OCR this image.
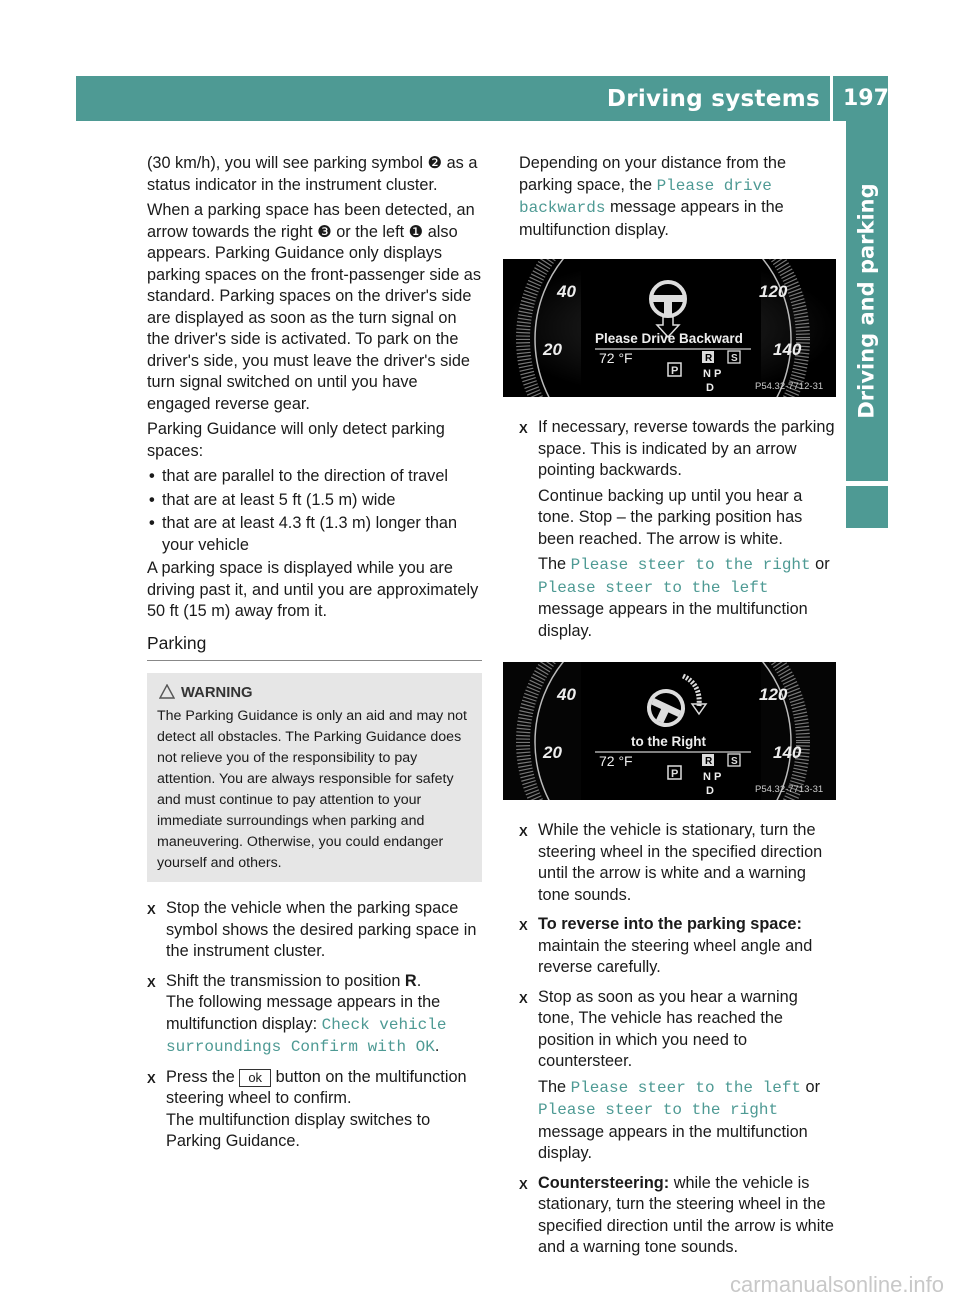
Driving systems 197
Driving and parking

(30 km/h), you will see parking symbol ❷ as a status indicator in the instrument cluster.

When a parking space has been detected, an arrow towards the right ❸ or the left ❶ also appears. Parking Guidance only displays parking spaces on the front-passenger side as standard. Parking spaces on the driver's side are displayed as soon as the turn signal on the driver's side is activated. To park on the driver's side, you must leave the driver's side turn signal switched on until you have engaged reverse gear.

Parking Guidance will only detect parking spaces:

• that are parallel to the direction of travel
• that are at least 5 ft (1.5 m) wide
• that are at least 4.3 ft (1.3 m) longer than your vehicle

A parking space is displayed while you are driving past it, and until you are approximately 50 ft (15 m) away from it.

Parking
WARNING
The Parking Guidance is only an aid and may not detect all obstacles. The Parking Guidance does not relieve you of the responsibility to pay attention. You are always responsible for safety and must continue to pay attention to your immediate surroundings when parking and maneuvering. Otherwise, you could endanger yourself and others.
X Stop the vehicle when the parking space symbol shows the desired parking space in the instrument cluster.

X Shift the transmission to position R.
The following message appears in the multifunction display: Check vehicle surroundings Confirm with OK.
X Press the ok button on the multifunction steering wheel to confirm.
The multifunction display switches to Parking Guidance.

Depending on your distance from the parking space, the Please drive backwards message appears in the multifunction display.

40
20
120
140
Please Drive Backward
72 °F
P
R S
N P
D	P54.32-7712-31
X If necessary, reverse towards the parking space. This is indicated by an arrow pointing backwards.

Continue backing up until you hear a tone. Stop – the parking position has been reached. The arrow is white.

The Please steer to the right or Please steer to the left message appears in the multifunction display.

40
20
120
140
to the Right
72 °F
P
R S
N P
D	P54.32-7713-31
X While the vehicle is stationary, turn the steering wheel in the specified direction until the arrow is white and a warning tone sounds.

X To reverse into the parking space:
maintain the steering wheel angle and reverse carefully.

X Stop as soon as you hear a warning tone, The vehicle has reached the position in which you need to countersteer.

The Please steer to the left or Please steer to the right message appears in the multifunction display.

X Countersteering: while the vehicle is stationary, turn the steering wheel in the specified direction until the arrow is white and a warning tone sounds.

carmanualsonline.info
